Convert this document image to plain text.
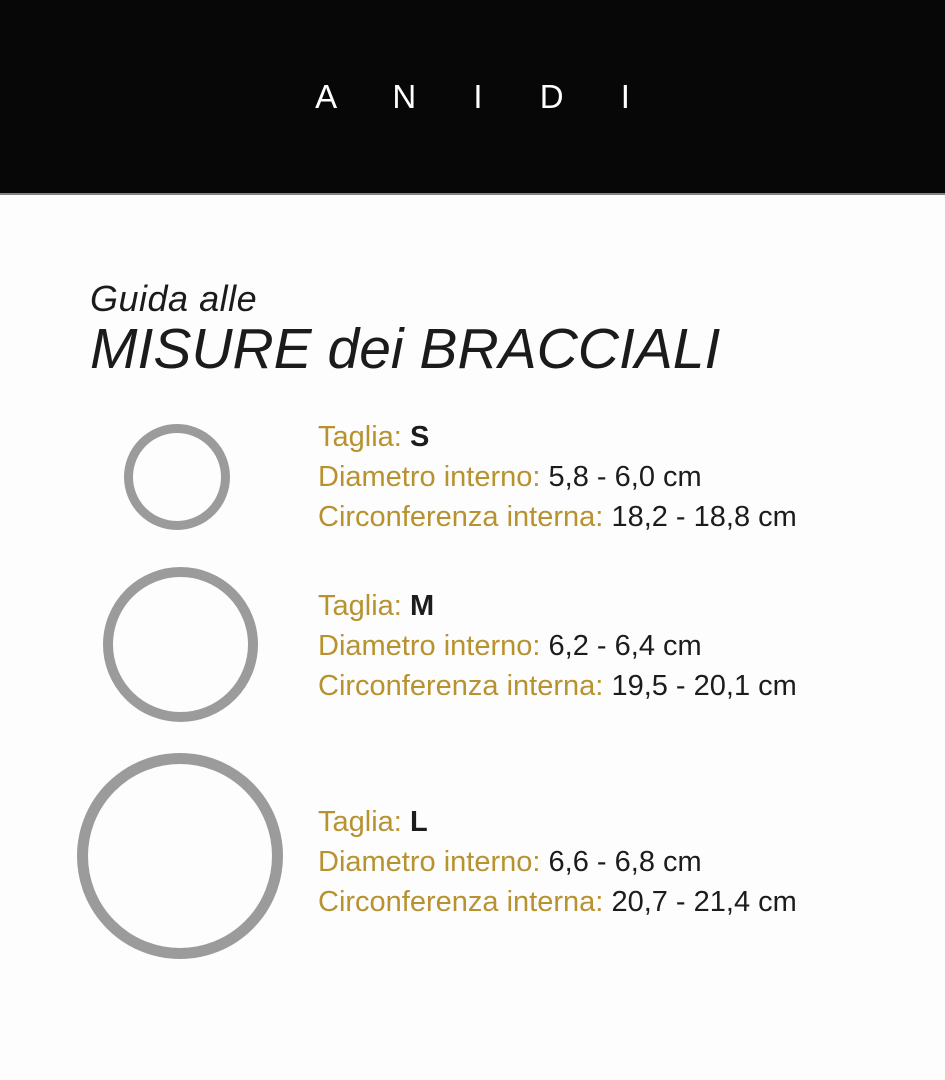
A N I D I
Guida alle
MISURE dei BRACCIALI
Taglia: S
Diametro interno: 5,8 - 6,0 cm
Circonferenza interna: 18,2 - 18,8 cm
Taglia: M
Diametro interno: 6,2 - 6,4 cm
Circonferenza interna: 19,5 - 20,1 cm
Taglia: L
Diametro interno: 6,6 - 6,8 cm
Circonferenza interna: 20,7 - 21,4 cm
